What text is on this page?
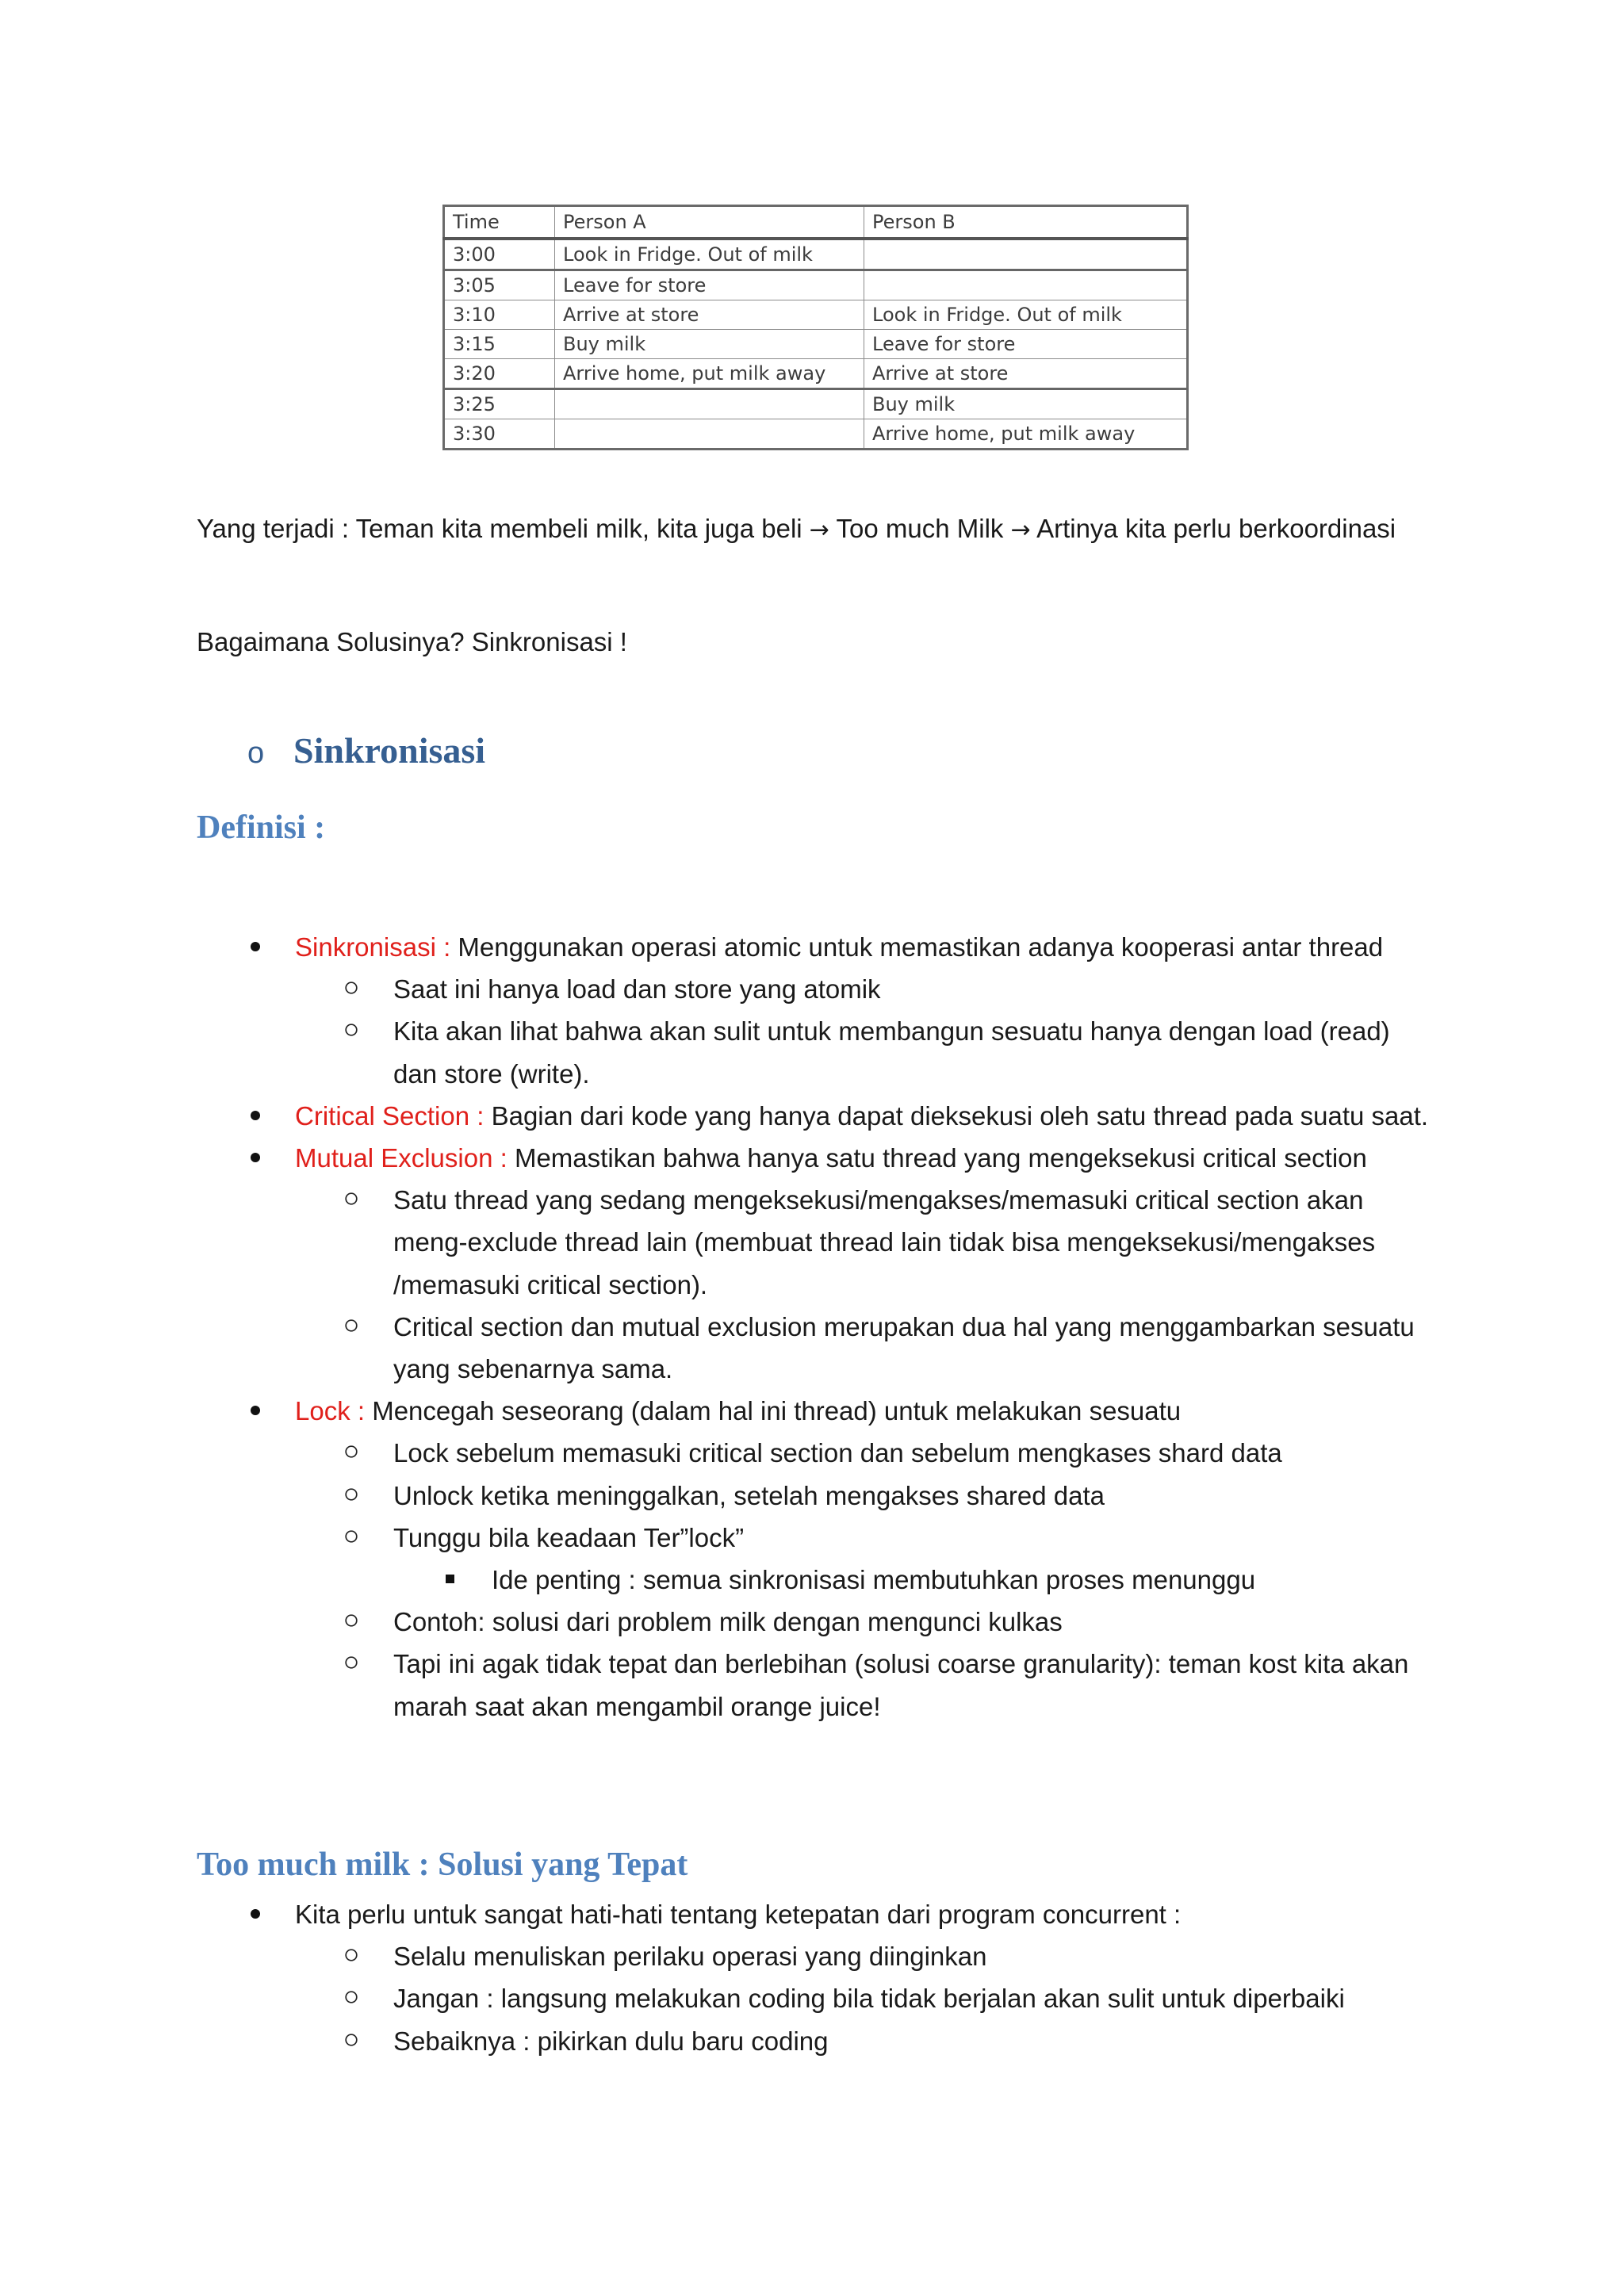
Time	Person A	Person B
3:00	Look in Fridge. Out of milk	
3:05	Leave for store	
3:10	Arrive at store	Look in Fridge. Out of milk
3:15	Buy milk	Leave for store
3:20	Arrive home, put milk away	Arrive at store
3:25		Buy milk
3:30		Arrive home, put milk away

Yang terjadi : Teman kita membeli milk, kita juga beli → Too much Milk → Artinya kita perlu berkoordinasi

Bagaimana Solusinya? Sinkronisasi !

o Sinkronisasi
Definisi :
Sinkronisasi : Menggunakan operasi atomic untuk memastikan adanya kooperasi antar thread
Saat ini hanya load dan store yang atomik
Kita akan lihat bahwa akan sulit untuk membangun sesuatu hanya dengan load (read) dan store (write).
Critical Section : Bagian dari kode yang hanya dapat dieksekusi oleh satu thread pada suatu saat.
Mutual Exclusion : Memastikan bahwa hanya satu thread yang mengeksekusi critical section
Satu thread yang sedang mengeksekusi/mengakses/memasuki critical section akan meng-exclude thread lain (membuat thread lain tidak bisa mengeksekusi/mengakses /memasuki critical section).
Critical section dan mutual exclusion merupakan dua hal yang menggambarkan sesuatu yang sebenarnya sama.
Lock : Mencegah seseorang (dalam hal ini thread) untuk melakukan sesuatu
Lock sebelum memasuki critical section dan sebelum mengkases shard data
Unlock ketika meninggalkan, setelah mengakses shared data
Tunggu bila keadaan Ter”lock”
Ide penting : semua sinkronisasi membutuhkan proses menunggu
Contoh: solusi dari problem milk dengan mengunci kulkas
Tapi ini agak tidak tepat dan berlebihan (solusi coarse granularity): teman kost kita akan marah saat akan mengambil orange juice!
Too much milk : Solusi yang Tepat
Kita perlu untuk sangat hati-hati tentang ketepatan dari program concurrent :
Selalu menuliskan perilaku operasi yang diinginkan
Jangan : langsung melakukan coding bila tidak berjalan akan sulit untuk diperbaiki
Sebaiknya : pikirkan dulu baru coding
